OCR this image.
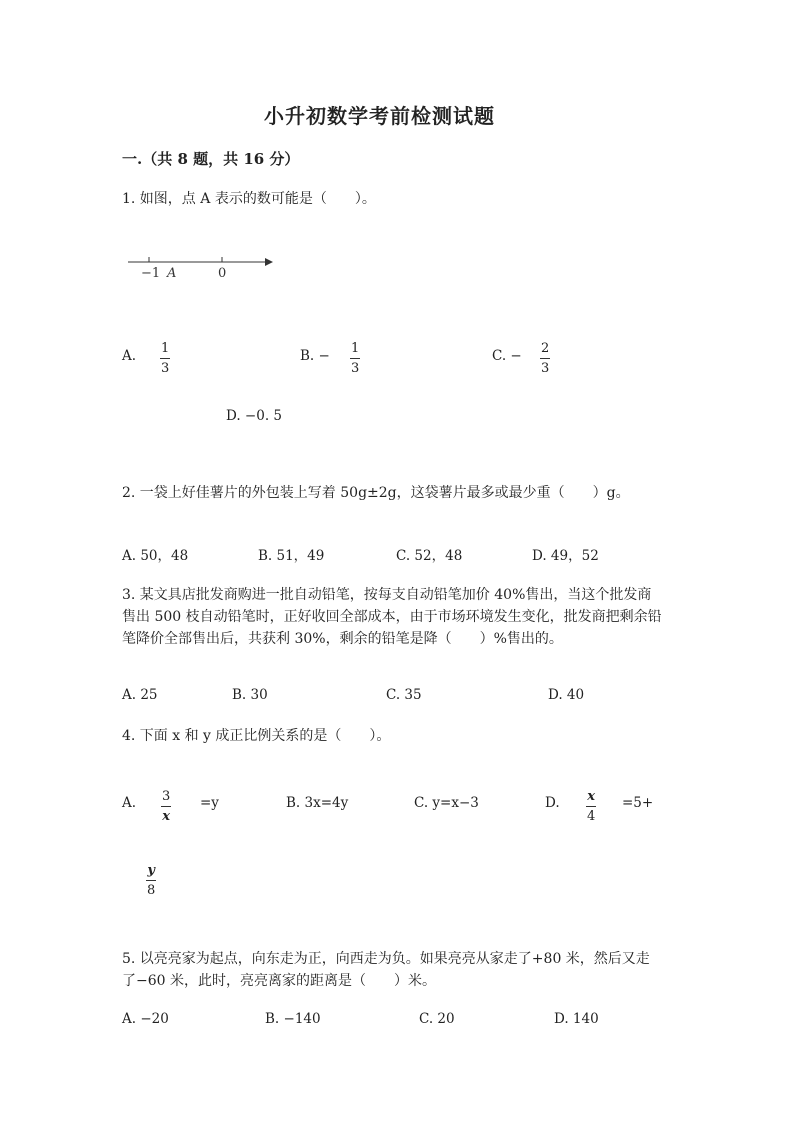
小升初数学考前检测试题
一.（共 8 题，共 16 分）
1. 如图，点 A 表示的数可能是（　　）。
−1 A	0
A. $\frac{1}{3}$	B. − $\frac{1}{3}$	C. − $\frac{2}{3}$
D. −0. 5
2. 一袋上好佳薯片的外包装上写着 50g±2g，这袋薯片最多或最少重（　　）g。
A. 50，48	B. 51，49	C. 52，48	D. 49，52
3. 某文具店批发商购进一批自动铅笔，按每支自动铅笔加价 40%售出，当这个批发商售出 500 枝自动铅笔时，正好收回全部成本，由于市场环境发生变化，批发商把剩余铅笔降价全部售出后，共获利 30%，剩余的铅笔是降（　　）%售出的。
A. 25	B. 30	C. 35	D. 40
4. 下面 x 和 y 成正比例关系的是（　　）。
A. $\frac{3}{x} =y$	B. 3x=4y	C. y=x−3	D. $\frac{x}{4} =5+$
$\frac{y}{8}$
5. 以亮亮家为起点，向东走为正，向西走为负。如果亮亮从家走了+80 米，然后又走了−60 米，此时，亮亮离家的距离是（　　）米。
A. −20	B. −140	C. 20	D. 140
